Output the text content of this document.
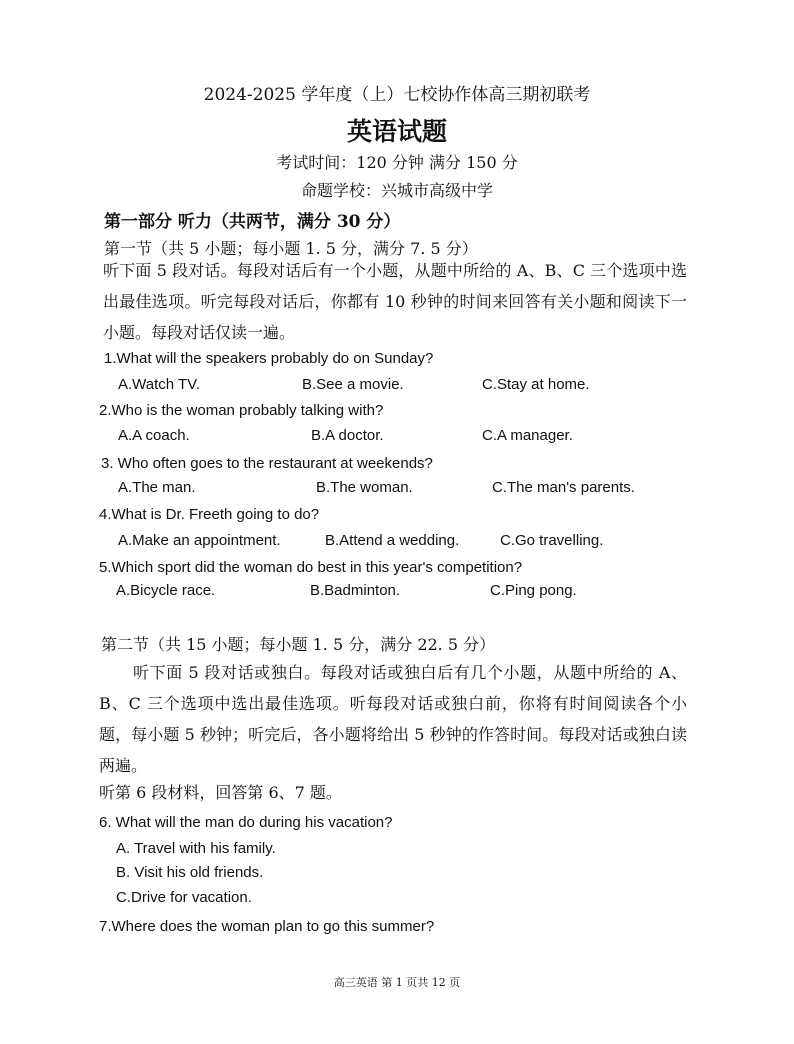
2024-2025 学年度（上）七校协作体高三期初联考
英语试题
考试时间：120 分钟 满分 150 分
命题学校：兴城市高级中学
第一部分 听力（共两节，满分 30 分）
第一节（共 5 小题；每小题 1. 5 分，满分 7. 5 分）
听下面 5 段对话。每段对话后有一个小题，从题中所给的 A、B、C 三个选项中选出最佳选项。听完每段对话后，你都有 10 秒钟的时间来回答有关小题和阅读下一小题。每段对话仅读一遍。
1.What will the speakers probably do on Sunday?
A.Watch TV.	B.See a movie.	C.Stay at home.
2.Who is the woman probably talking with?
A.A coach.	B.A doctor.	C.A manager.
3. Who often goes to the restaurant at weekends?
A.The man.	B.The woman.	C.The man's parents.
4.What is Dr. Freeth going to do?
A.Make an appointment.	B.Attend a wedding.	C.Go travelling.
5.Which sport did the woman do best in this year's competition?
A.Bicycle race.	B.Badminton.	C.Ping pong.
第二节（共 15 小题；每小题 1. 5 分，满分 22. 5 分）
听下面 5 段对话或独白。每段对话或独白后有几个小题，从题中所给的 A、B、C 三个选项中选出最佳选项。听每段对话或独白前，你将有时间阅读各个小题，每小题 5 秒钟；听完后，各小题将给出 5 秒钟的作答时间。每段对话或独白读两遍。
听第 6 段材料，回答第 6、7 题。
6. What will the man do during his vacation?
A. Travel with his family.
B. Visit his old friends.
C.Drive for vacation.
7.Where does the woman plan to go this summer?
高三英语 第 1 页共 12 页
